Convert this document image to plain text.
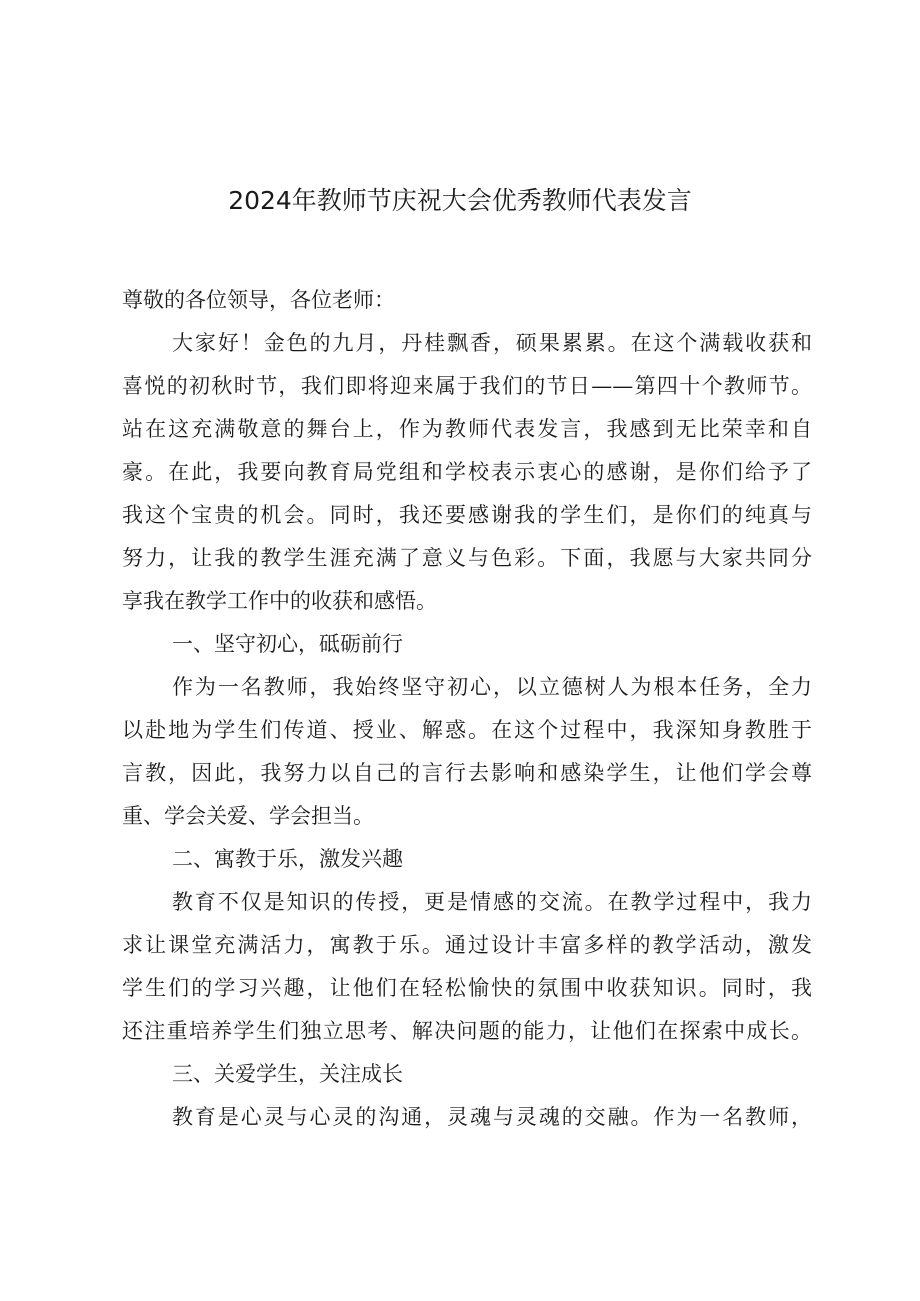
2024年教师节庆祝大会优秀教师代表发言
尊敬的各位领导，各位老师：
大家好！金色的九月，丹桂飘香，硕果累累。在这个满载收获和
喜悦的初秋时节，我们即将迎来属于我们的节日——第四十个教师节。
站在这充满敬意的舞台上，作为教师代表发言，我感到无比荣幸和自
豪。在此，我要向教育局党组和学校表示衷心的感谢，是你们给予了
我这个宝贵的机会。同时，我还要感谢我的学生们，是你们的纯真与
努力，让我的教学生涯充满了意义与色彩。下面，我愿与大家共同分
享我在教学工作中的收获和感悟。
一、坚守初心，砥砺前行
作为一名教师，我始终坚守初心，以立德树人为根本任务，全力
以赴地为学生们传道、授业、解惑。在这个过程中，我深知身教胜于
言教，因此，我努力以自己的言行去影响和感染学生，让他们学会尊
重、学会关爱、学会担当。
二、寓教于乐，激发兴趣
教育不仅是知识的传授，更是情感的交流。在教学过程中，我力
求让课堂充满活力，寓教于乐。通过设计丰富多样的教学活动，激发
学生们的学习兴趣，让他们在轻松愉快的氛围中收获知识。同时，我
还注重培养学生们独立思考、解决问题的能力，让他们在探索中成长。
三、关爱学生，关注成长
教育是心灵与心灵的沟通，灵魂与灵魂的交融。作为一名教师，
